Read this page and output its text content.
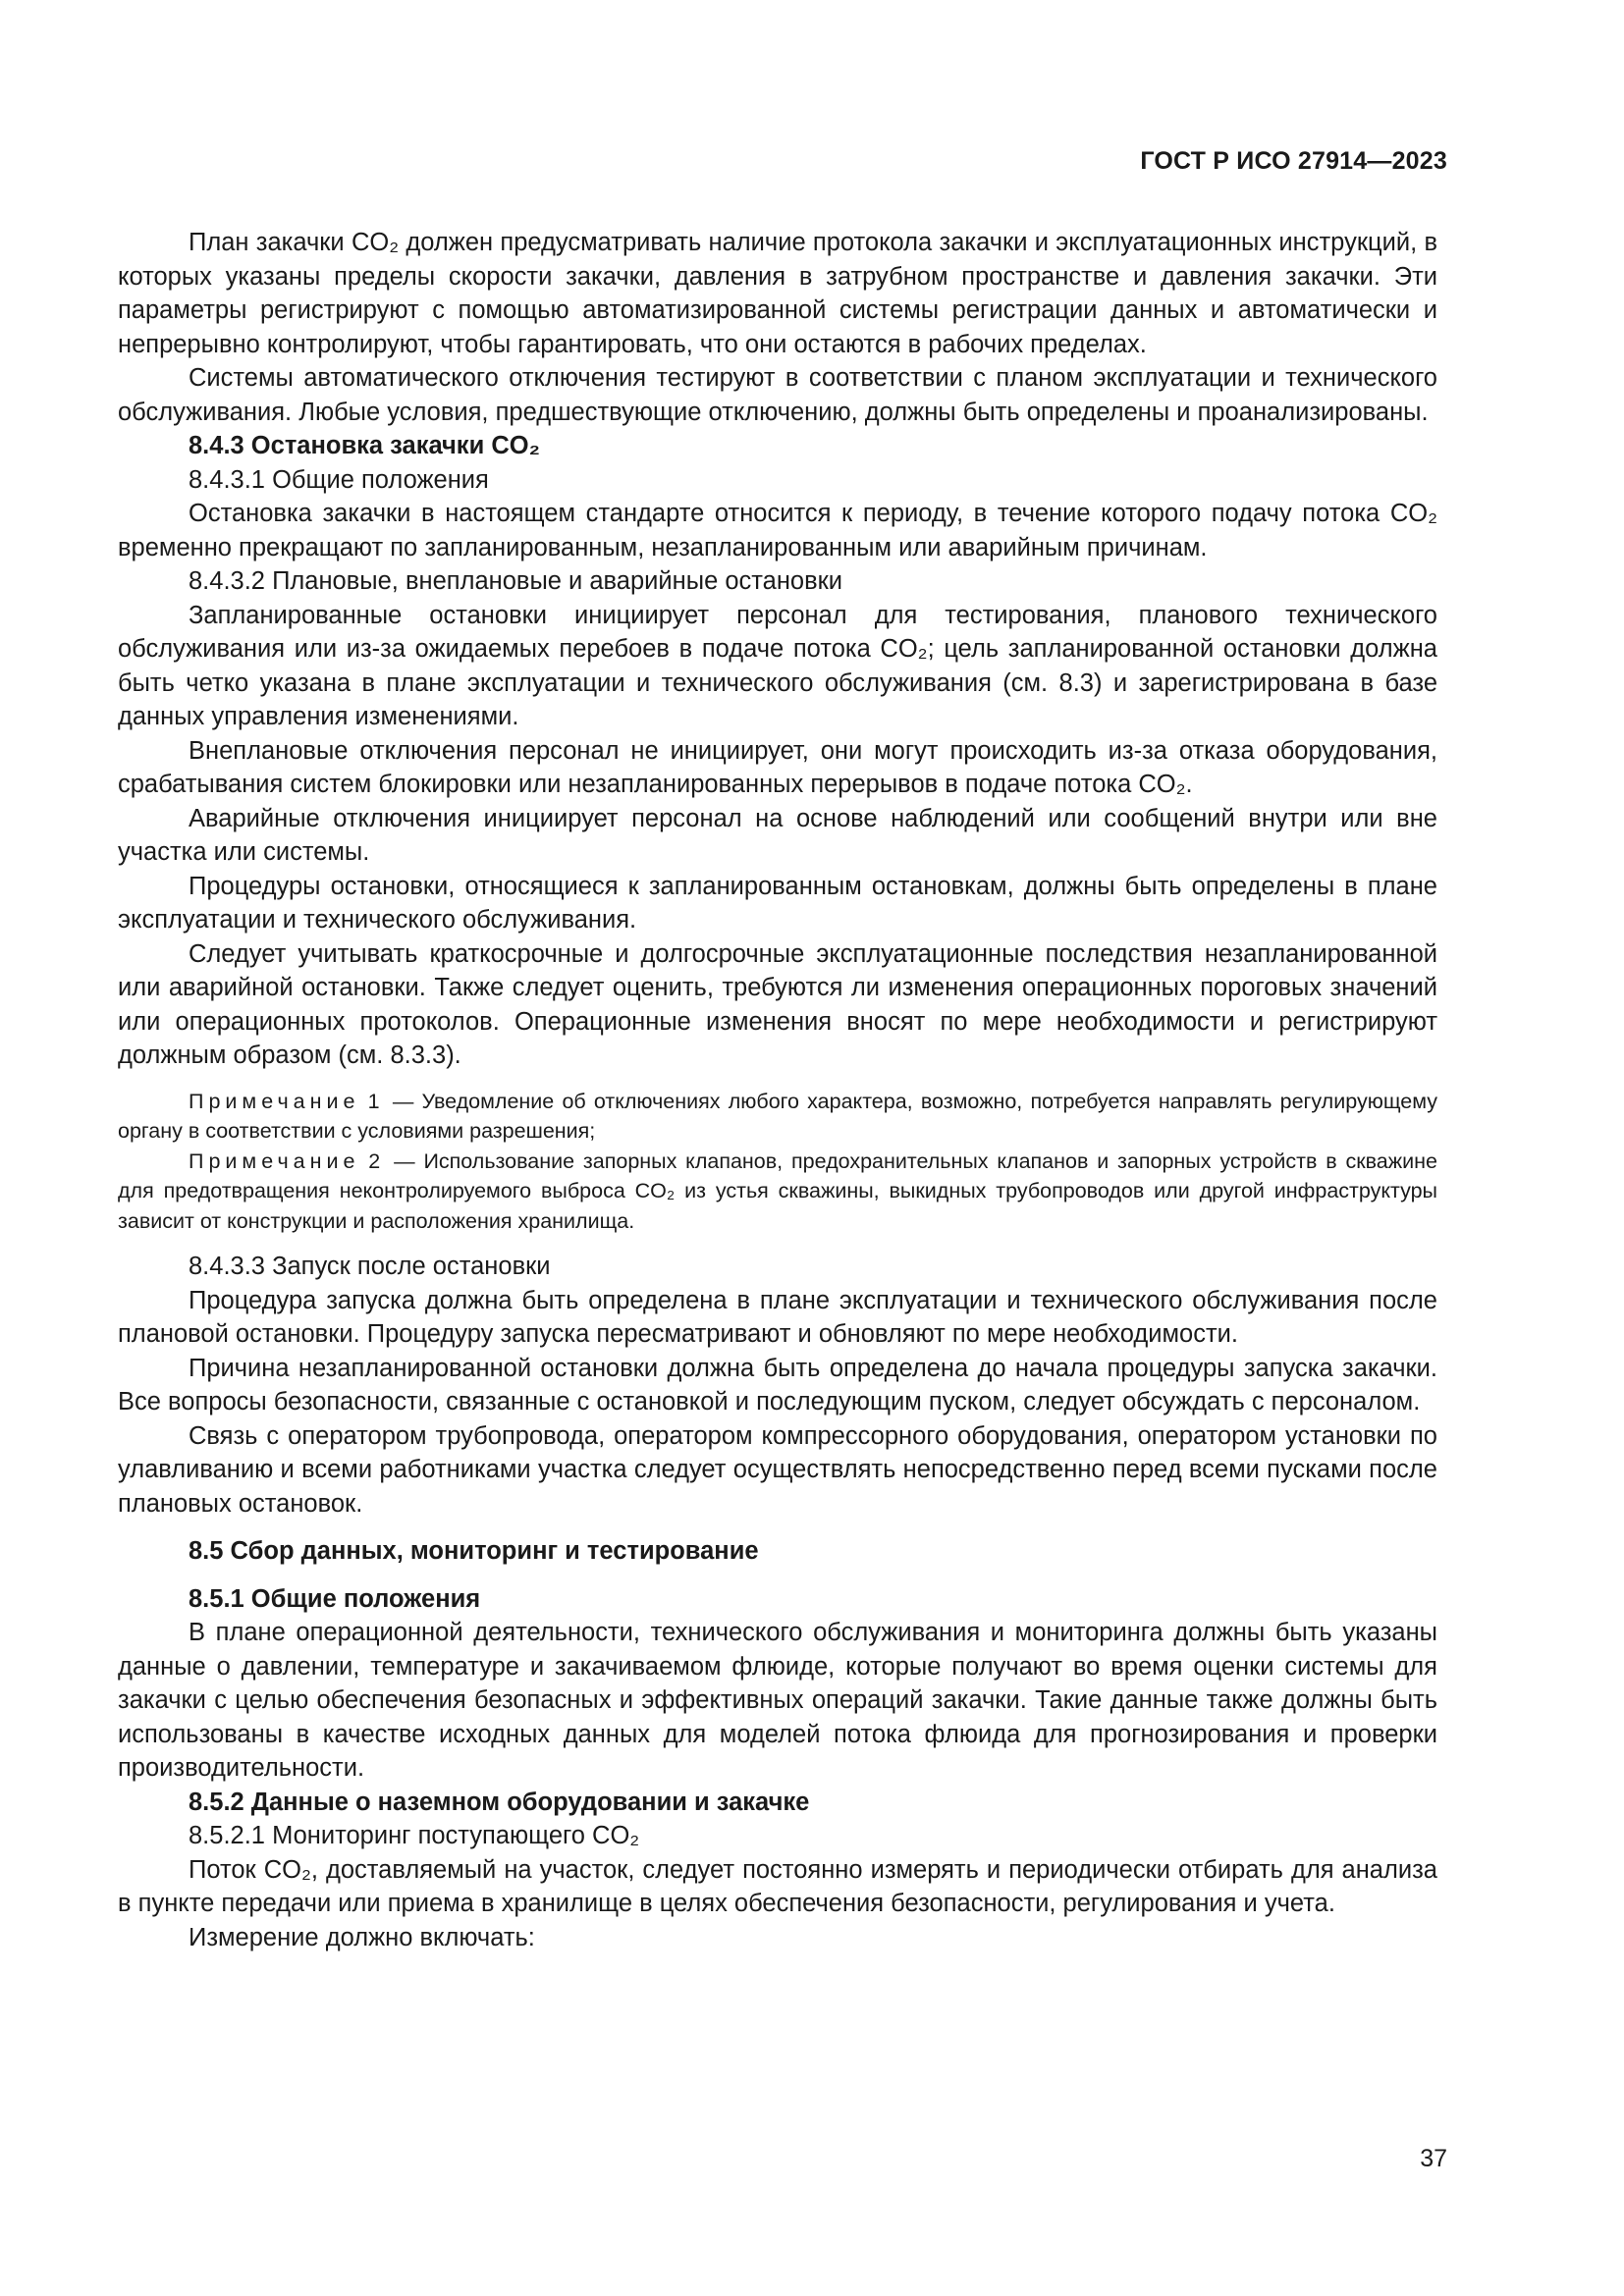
ГОСТ Р ИСО 27914—2023

План закачки CO₂ должен предусматривать наличие протокола закачки и эксплуатационных инструкций, в которых указаны пределы скорости закачки, давления в затрубном пространстве и давления закачки. Эти параметры регистрируют с помощью автоматизированной системы регистрации данных и автоматически и непрерывно контролируют, чтобы гарантировать, что они остаются в рабочих пределах.

Системы автоматического отключения тестируют в соответствии с планом эксплуатации и технического обслуживания. Любые условия, предшествующие отключению, должны быть определены и проанализированы.

8.4.3 Остановка закачки CO₂

8.4.3.1 Общие положения

Остановка закачки в настоящем стандарте относится к периоду, в течение которого подачу потока CO₂ временно прекращают по запланированным, незапланированным или аварийным причинам.

8.4.3.2 Плановые, внеплановые и аварийные остановки

Запланированные остановки инициирует персонал для тестирования, планового технического обслуживания или из-за ожидаемых перебоев в подаче потока CO₂; цель запланированной остановки должна быть четко указана в плане эксплуатации и технического обслуживания (см. 8.3) и зарегистрирована в базе данных управления изменениями.

Внеплановые отключения персонал не инициирует, они могут происходить из-за отказа оборудования, срабатывания систем блокировки или незапланированных перерывов в подаче потока CO₂.

Аварийные отключения инициирует персонал на основе наблюдений или сообщений внутри или вне участка или системы.

Процедуры остановки, относящиеся к запланированным остановкам, должны быть определены в плане эксплуатации и технического обслуживания.

Следует учитывать краткосрочные и долгосрочные эксплуатационные последствия незапланированной или аварийной остановки. Также следует оценить, требуются ли изменения операционных пороговых значений или операционных протоколов. Операционные изменения вносят по мере необходимости и регистрируют должным образом (см. 8.3.3).

Примечание 1 — Уведомление об отключениях любого характера, возможно, потребуется направлять регулирующему органу в соответствии с условиями разрешения;

Примечание 2 — Использование запорных клапанов, предохранительных клапанов и запорных устройств в скважине для предотвращения неконтролируемого выброса CO₂ из устья скважины, выкидных трубопроводов или другой инфраструктуры зависит от конструкции и расположения хранилища.

8.4.3.3 Запуск после остановки

Процедура запуска должна быть определена в плане эксплуатации и технического обслуживания после плановой остановки. Процедуру запуска пересматривают и обновляют по мере необходимости.

Причина незапланированной остановки должна быть определена до начала процедуры запуска закачки. Все вопросы безопасности, связанные с остановкой и последующим пуском, следует обсуждать с персоналом.

Связь с оператором трубопровода, оператором компрессорного оборудования, оператором установки по улавливанию и всеми работниками участка следует осуществлять непосредственно перед всеми пусками после плановых остановок.

8.5 Сбор данных, мониторинг и тестирование

8.5.1 Общие положения

В плане операционной деятельности, технического обслуживания и мониторинга должны быть указаны данные о давлении, температуре и закачиваемом флюиде, которые получают во время оценки системы для закачки с целью обеспечения безопасных и эффективных операций закачки. Такие данные также должны быть использованы в качестве исходных данных для моделей потока флюида для прогнозирования и проверки производительности.

8.5.2 Данные о наземном оборудовании и закачке

8.5.2.1 Мониторинг поступающего CO₂

Поток CO₂, доставляемый на участок, следует постоянно измерять и периодически отбирать для анализа в пункте передачи или приема в хранилище в целях обеспечения безопасности, регулирования и учета.

Измерение должно включать:

37
